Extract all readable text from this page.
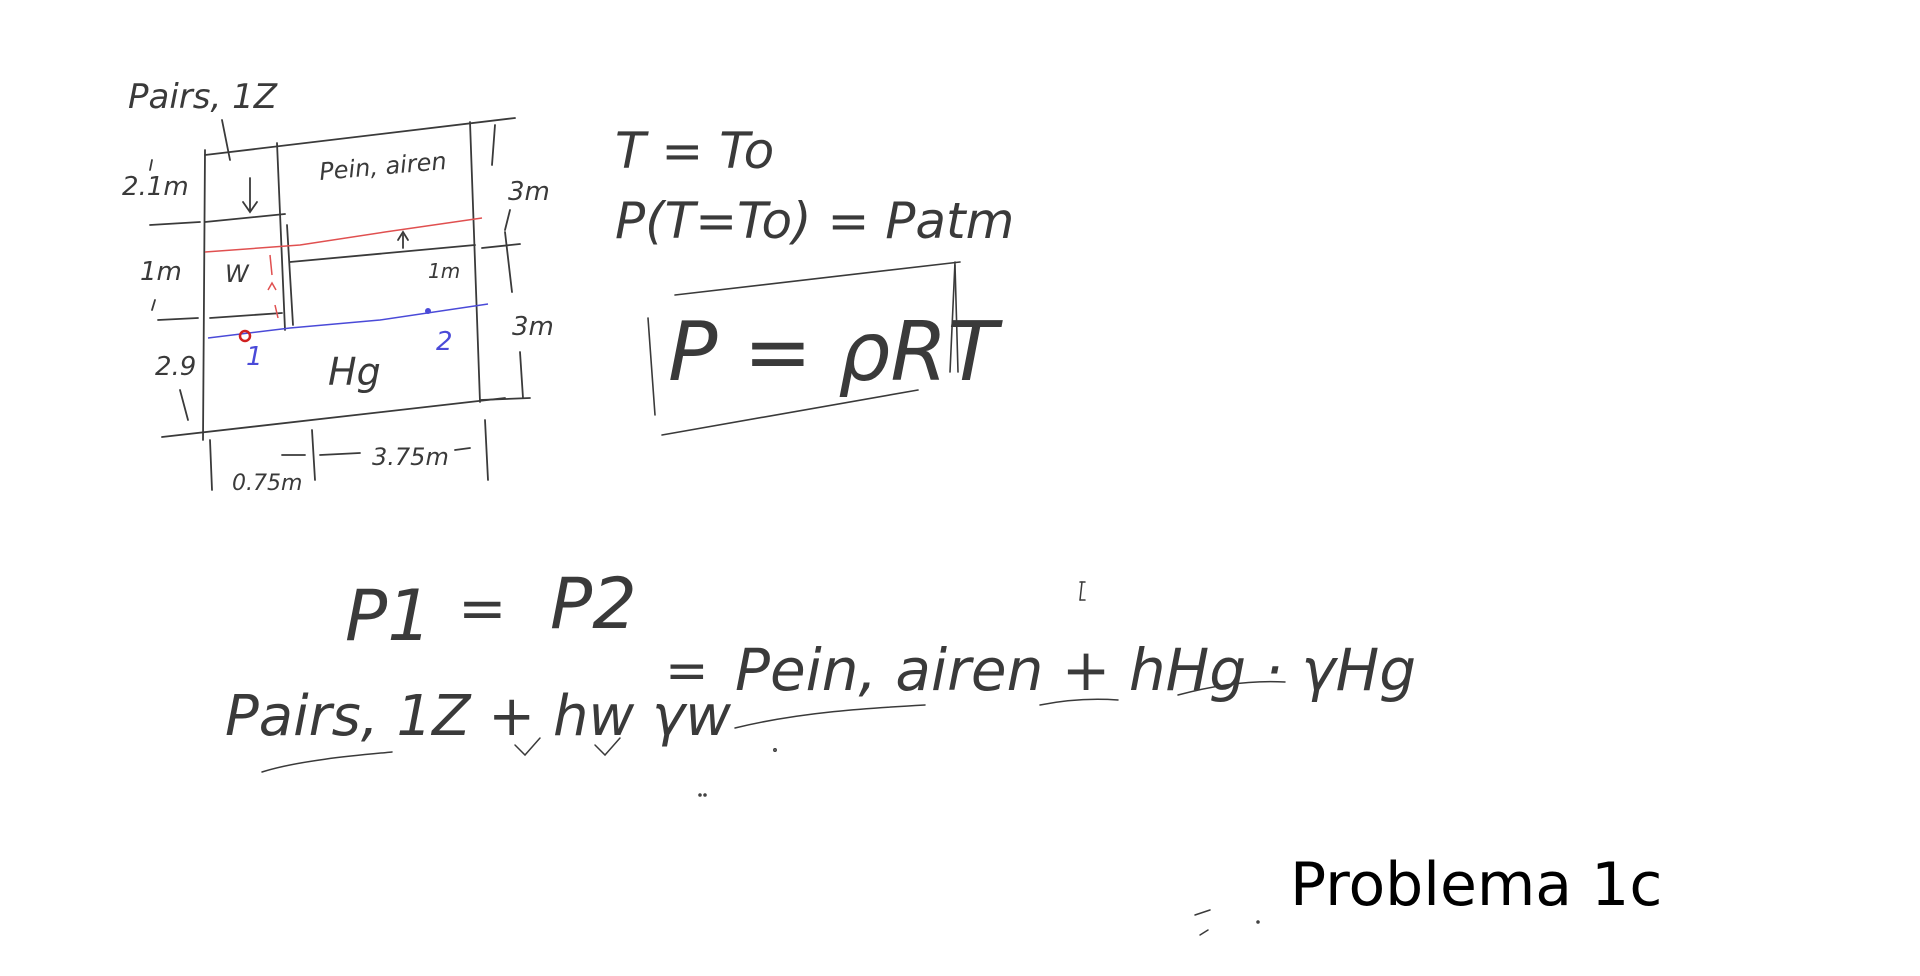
Pairs, 1Z
Pein, airen
W
Hg
2.1m
1m
2.9
3m
3m
0.75m
3.75m
1m
1	2
T = To
P(T=To) = Patm
P = ρRT
P1 = P2
Pairs, 1Z + hw γw
= Pein, airen + hHg · γHg
Problema 1c
